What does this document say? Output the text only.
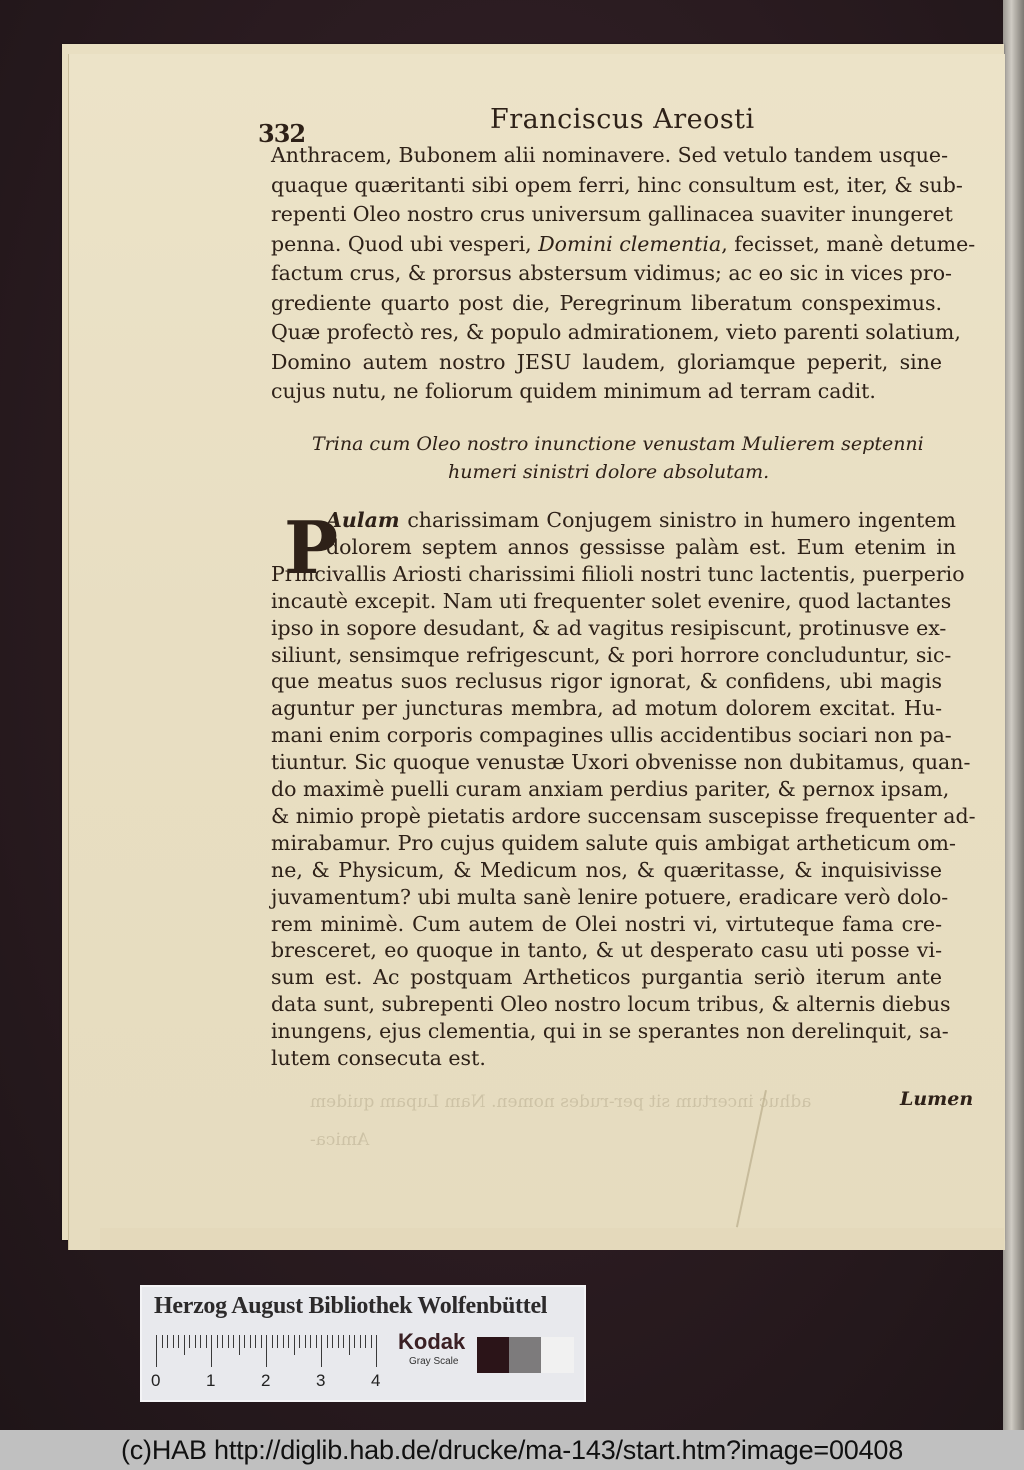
adhuc incertum sit per-rudes nomen. Nam Lupam quidem
Amica-
332	Franciscus Areosti
Anthracem, Bubonem alii nominavere. Sed vetulo tandem usque-
quaque quæritanti sibi opem ferri, hinc consultum est, iter, & sub-
repenti Oleo nostro crus universum gallinacea suaviter inungeret
penna. Quod ubi vesperi, Domini clementia, fecisset, manè detume-
factum crus, & prorsus abstersum vidimus; ac eo sic in vices pro-
grediente quarto post die, Peregrinum liberatum conspeximus.
Quæ profectò res, & populo admirationem, vieto parenti solatium,
Domino autem nostro JESU laudem, gloriamque peperit, sine
cujus nutu, ne foliorum quidem minimum ad terram cadit.
Trina cum Oleo nostro inunctione venustam Mulierem septenni
humeri sinistri dolore absolutam.
P
Aulam charissimam Conjugem sinistro in humero ingentem
dolorem septem annos gessisse palàm est. Eum etenim in
Princivallis Ariosti charissimi filioli nostri tunc lactentis, puerperio
incautè excepit. Nam uti frequenter solet evenire, quod lactantes
ipso in sopore desudant, & ad vagitus resipiscunt, protinusve ex-
siliunt, sensimque refrigescunt, & pori horrore concluduntur, sic-
que meatus suos reclusus rigor ignorat, & confidens, ubi magis
aguntur per juncturas membra, ad motum dolorem excitat. Hu-
mani enim corporis compagines ullis accidentibus sociari non pa-
tiuntur. Sic quoque venustæ Uxori obvenisse non dubitamus, quan-
do maximè puelli curam anxiam perdius pariter, & pernox ipsam,
& nimio propè pietatis ardore succensam suscepisse frequenter ad-
mirabamur. Pro cujus quidem salute quis ambigat artheticum om-
ne, & Physicum, & Medicum nos, & quæritasse, & inquisivisse
juvamentum? ubi multa sanè lenire potuere, eradicare verò dolo-
rem minimè. Cum autem de Olei nostri vi, virtuteque fama cre-
bresceret, eo quoque in tanto, & ut desperato casu uti posse vi-
sum est. Ac postquam Artheticos purgantia seriò iterum ante
data sunt, subrepenti Oleo nostro locum tribus, & alternis diebus
inungens, ejus clementia, qui in se sperantes non derelinquit, sa-
lutem consecuta est.
Lumen
Herzog August Bibliothek Wolfenbüttel
0	1	2	3	4
Kodak
Gray Scale
(c)HAB http://diglib.hab.de/drucke/ma-143/start.htm?image=00408
